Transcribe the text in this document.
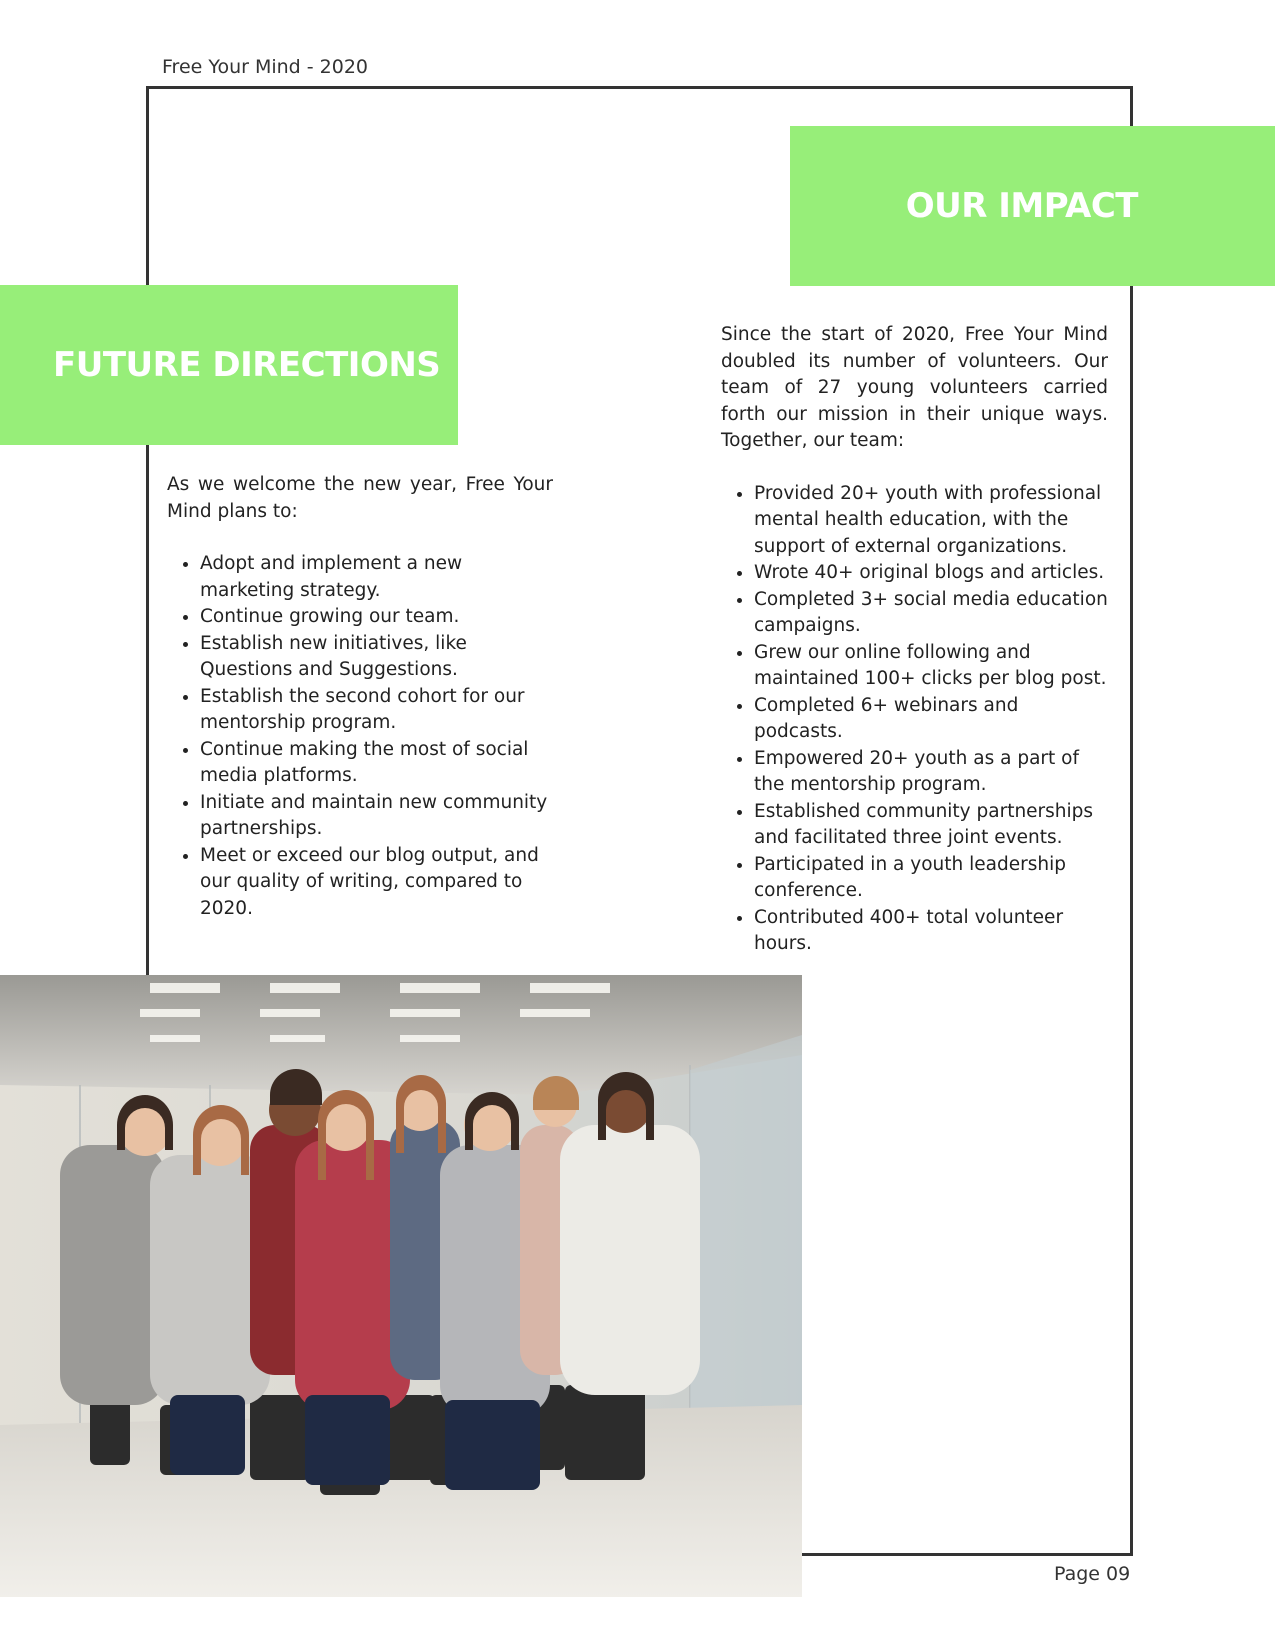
Free Your Mind - 2020
OUR IMPACT
FUTURE DIRECTIONS

As we welcome the new year, Free Your Mind plans to:

• Adopt and implement a new marketing strategy.
• Continue growing our team.
• Establish new initiatives, like Questions and Suggestions.
• Establish the second cohort for our mentorship program.
• Continue making the most of social media platforms.
• Initiate and maintain new community partnerships.
• Meet or exceed our blog output, and our quality of writing, compared to 2020.

Since the start of 2020, Free Your Mind doubled its number of volunteers. Our team of 27 young volunteers carried forth our mission in their unique ways. Together, our team:

• Provided 20+ youth with professional mental health education, with the support of external organizations.
• Wrote 40+ original blogs and articles.
• Completed 3+ social media education campaigns.
• Grew our online following and maintained 100+ clicks per blog post.
• Completed 6+ webinars and podcasts.
• Empowered 20+ youth as a part of the mentorship program.
• Established community partnerships and facilitated three joint events.
• Participated in a youth leadership conference.
• Contributed 400+ total volunteer hours.
Page 09
